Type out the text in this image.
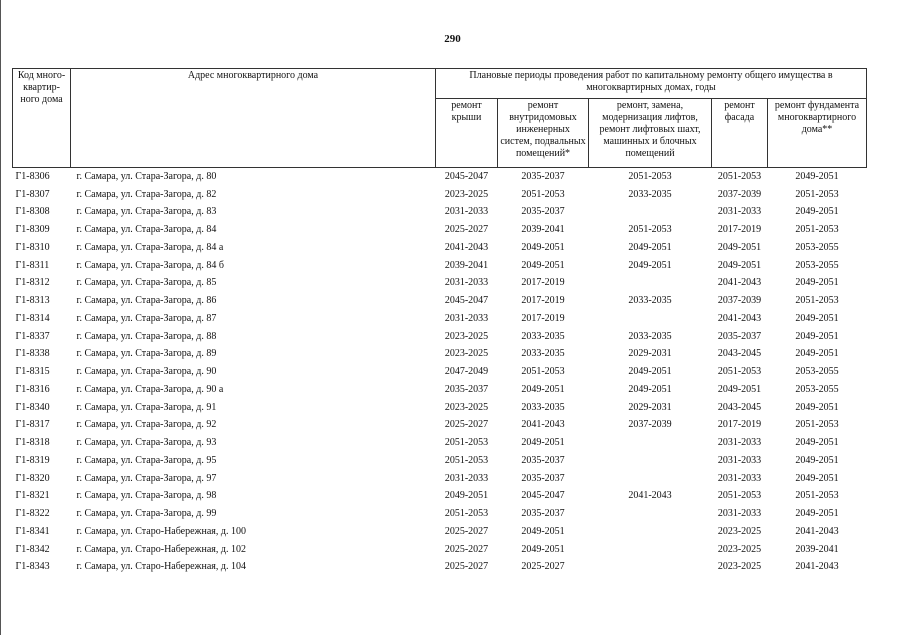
290
Код много-квартир-ного дома	Адрес многоквартирного дома	Плановые периоды проведения работ по капитальному ремонту общего имущества в многоквартирных домах, годы				
		ремонт крыши	ремонт внутридомовых инженерных систем, подвальных помещений*	ремонт, замена, модернизация лифтов, ремонт лифтовых шахт, машинных и блочных помещений	ремонт фасада	ремонт фундамента многоквартирного дома**
Г1-8306	г. Самара, ул. Стара-Загора, д. 80	2045-2047	2035-2037	2051-2053	2051-2053	2049-2051
Г1-8307	г. Самара, ул. Стара-Загора, д. 82	2023-2025	2051-2053	2033-2035	2037-2039	2051-2053
Г1-8308	г. Самара, ул. Стара-Загора, д. 83	2031-2033	2035-2037		2031-2033	2049-2051
Г1-8309	г. Самара, ул. Стара-Загора, д. 84	2025-2027	2039-2041	2051-2053	2017-2019	2051-2053
Г1-8310	г. Самара, ул. Стара-Загора, д. 84 а	2041-2043	2049-2051	2049-2051	2049-2051	2053-2055
Г1-8311	г. Самара, ул. Стара-Загора, д. 84 б	2039-2041	2049-2051	2049-2051	2049-2051	2053-2055
Г1-8312	г. Самара, ул. Стара-Загора, д. 85	2031-2033	2017-2019		2041-2043	2049-2051
Г1-8313	г. Самара, ул. Стара-Загора, д. 86	2045-2047	2017-2019	2033-2035	2037-2039	2051-2053
Г1-8314	г. Самара, ул. Стара-Загора, д. 87	2031-2033	2017-2019		2041-2043	2049-2051
Г1-8337	г. Самара, ул. Стара-Загора, д. 88	2023-2025	2033-2035	2033-2035	2035-2037	2049-2051
Г1-8338	г. Самара, ул. Стара-Загора, д. 89	2023-2025	2033-2035	2029-2031	2043-2045	2049-2051
Г1-8315	г. Самара, ул. Стара-Загора, д. 90	2047-2049	2051-2053	2049-2051	2051-2053	2053-2055
Г1-8316	г. Самара, ул. Стара-Загора, д. 90 а	2035-2037	2049-2051	2049-2051	2049-2051	2053-2055
Г1-8340	г. Самара, ул. Стара-Загора, д. 91	2023-2025	2033-2035	2029-2031	2043-2045	2049-2051
Г1-8317	г. Самара, ул. Стара-Загора, д. 92	2025-2027	2041-2043	2037-2039	2017-2019	2051-2053
Г1-8318	г. Самара, ул. Стара-Загора, д. 93	2051-2053	2049-2051		2031-2033	2049-2051
Г1-8319	г. Самара, ул. Стара-Загора, д. 95	2051-2053	2035-2037		2031-2033	2049-2051
Г1-8320	г. Самара, ул. Стара-Загора, д. 97	2031-2033	2035-2037		2031-2033	2049-2051
Г1-8321	г. Самара, ул. Стара-Загора, д. 98	2049-2051	2045-2047	2041-2043	2051-2053	2051-2053
Г1-8322	г. Самара, ул. Стара-Загора, д. 99	2051-2053	2035-2037		2031-2033	2049-2051
Г1-8341	г. Самара, ул. Старо-Набережная, д. 100	2025-2027	2049-2051		2023-2025	2041-2043
Г1-8342	г. Самара, ул. Старо-Набережная, д. 102	2025-2027	2049-2051		2023-2025	2039-2041
Г1-8343	г. Самара, ул. Старо-Набережная, д. 104	2025-2027	2025-2027		2023-2025	2041-2043
